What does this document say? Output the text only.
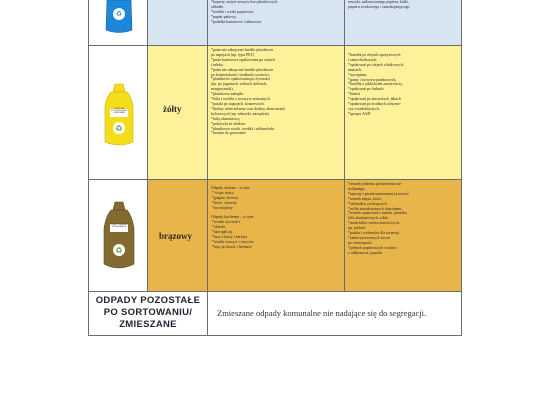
♻
*koperty, zużyte zeszyty bez plastikowych
okładek
*torebki i worki papierowe,
*papier pakowy,
*pudełka kartonowe i tekturowe
zeszyki, zatłuszczonego papieru, kalki,
papieru woskowego i samokopiującego
♻
TWORZYWA SZTUCZNE METALE OPAKOWANIA	żółty
*puste nie zakręcone butelki plastikowe
po napojach (np. typu PET)
*puste kartonowe opakowania po sokach
i mleku
*puste nie zakręcone butelki plastikowe
po kosmetykach i środkach czystości,
*plastikowe opakowania po żywności
(np. po jogurtach, serkach, kefirach,
margarynach),
*plastikowe zakrętki
*folia i torebki z tworzyw sztucznych
*puszki po napojach, konserwach
*drobny złom żelazny oraz drobny złom metali
kolorowych (np. zabawki, narzędzia)
*folię aluminiową
*pokrywki ze słoików
*plastikowe worki, torebki i reklamówki
*tacznia do gotowanie
*butelek po olejach spożywczych
i samochodowych,
*opakowań po olejach silnikowych,
smarach,
*styropianu,
*gumy i tworzyw piankowych,
*butelek z jakkolwiek zawartością
*opakowań po farbach
*baterii
*opakowań po aerozolach, lakach
*opakowań po środkach ochrono-
czy owadobójczych,
*sprzętu AGD
♻
ODPADY ULEGAJĄCE BIODEGRADACJI
brązowy
Odpady zielone – w tym:
* ścięte trawy
*gałęzie, krzewy
*liście, chwasty
*trzcinoploty.

Odpady kuchenne – w tym:
*resztki żywności
*obierki
*skorupki jaj
*fusy z kawy i herbaty
*resztki warzyw i owoców
*fusy po kawie i herbacie
*resztek jedzenia pochodzenia nie
roślinnego,
*zepsuty i przeterminowanej żywności
*resztek mięsa, kości,
*odchodów zwierzęcych
*roślin zaatakowanych chorobami,
*resztek opakowań z metalu, plastiku,
folii aluminiowych, szkła
*materiałów wielowarstwowych,
np. pieluch
*piasku i sorbentów dla zwierząt
*zanieczyszczonych trocin
po zwierzętach
*pełnych papierowych worków
z odkurzacza, popiołu
ODPADY POZOSTAŁE
PO SORTOWANIU/
ZMIESZANE
Zmieszane odpady komunalne nie nadające się do segregacji.
